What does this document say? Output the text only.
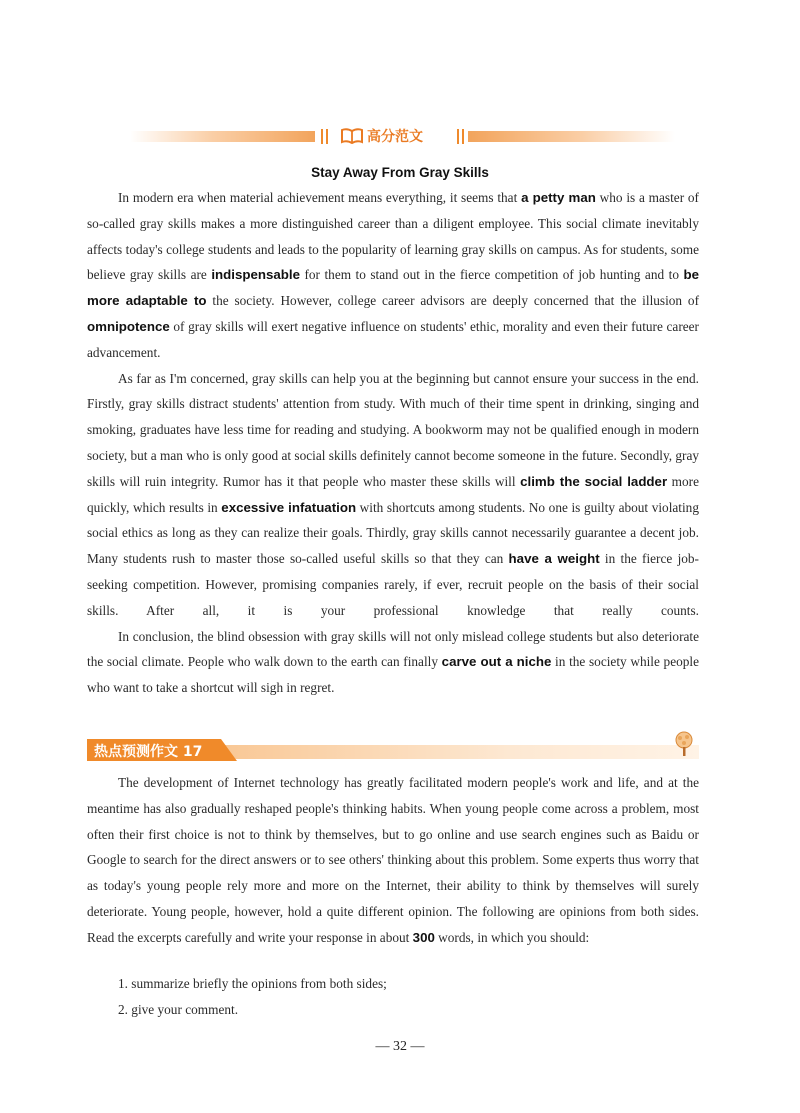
高分范文
Stay Away From Gray Skills

In modern era when material achievement means everything, it seems that a petty man who is a master of so-called gray skills makes a more distinguished career than a diligent employee. This social climate inevitably affects today's college students and leads to the popularity of learning gray skills on campus. As for students, some believe gray skills are indispensable for them to stand out in the fierce competition of job hunting and to be more adaptable to the society. However, college career advisors are deeply concerned that the illusion of omnipotence of gray skills will exert negative influence on students' ethic, morality and even their future career advancement.

As far as I'm concerned, gray skills can help you at the beginning but cannot ensure your success in the end. Firstly, gray skills distract students' attention from study. With much of their time spent in drinking, singing and smoking, graduates have less time for reading and studying. A bookworm may not be qualified enough in modern society, but a man who is only good at social skills definitely cannot become someone in the future. Secondly, gray skills will ruin integrity. Rumor has it that people who master these skills will climb the social ladder more quickly, which results in excessive infatuation with shortcuts among students. No one is guilty about violating social ethics as long as they can realize their goals. Thirdly, gray skills cannot necessarily guarantee a decent job. Many students rush to master those so-called useful skills so that they can have a weight in the fierce job-seeking competition. However, promising companies rarely, if ever, recruit people on the basis of their social skills. After all, it is your professional knowledge that really counts.

In conclusion, the blind obsession with gray skills will not only mislead college students but also deteriorate the social climate. People who walk down to the earth can finally carve out a niche in the society while people who want to take a shortcut will sigh in regret.

热点预测作文 17

The development of Internet technology has greatly facilitated modern people's work and life, and at the meantime has also gradually reshaped people's thinking habits. When young people come across a problem, most often their first choice is not to think by themselves, but to go online and use search engines such as Baidu or Google to search for the direct answers or to see others' thinking about this problem. Some experts thus worry that as today's young people rely more and more on the Internet, their ability to think by themselves will surely deteriorate. Young people, however, hold a quite different opinion. The following are opinions from both sides. Read the excerpts carefully and write your response in about 300 words, in which you should:

1. summarize briefly the opinions from both sides;
2. give your comment.
— 32 —
